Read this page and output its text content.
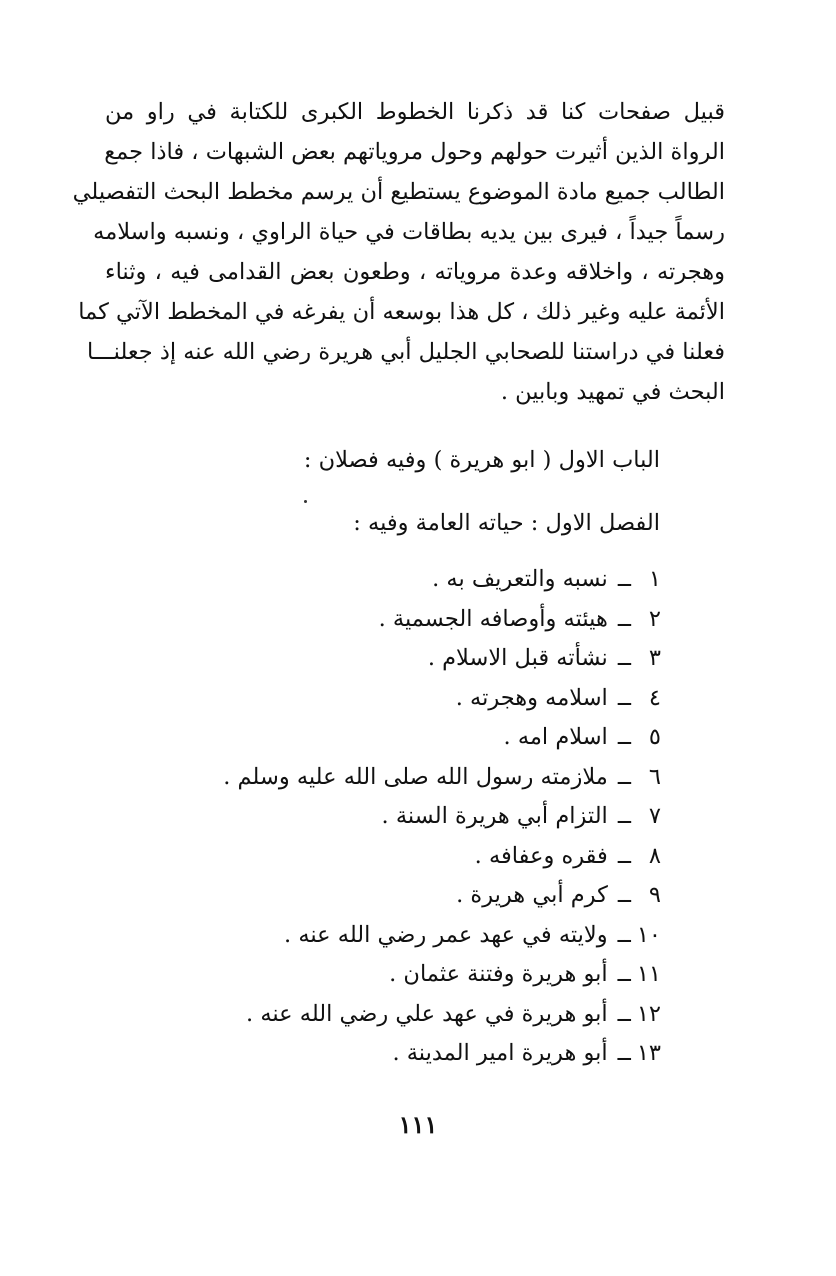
قبيل صفحات كنا قد ذكرنا الخطوط الكبرى للكتابة في راو من
الرواة الذين أثيرت حولهم وحول مروياتهم بعض الشبهات ، فاذا جمع
الطالب جميع مادة الموضوع يستطيع أن يرسم مخطط البحث التفصيلي
رسماً جيداً ، فيرى بين يديه بطاقات في حياة الراوي ، ونسبه واسلامه
وهجرته ، واخلاقه وعدة مروياته ، وطعون بعض القدامى فيه ، وثناء
الأئمة عليه وغير ذلك ، كل هذا بوسعه أن يفرغه في المخطط الآتي كما
فعلنا في دراستنا للصحابي الجليل أبي هريرة رضي الله عنه إذ جعلنـــا
البحث في تمهيد وبابين .

الباب الاول ( ابو هريرة ) وفيه فصلان :

الفصل الاول : حياته العامة وفيه :

١ــنسبه والتعريف به .
٢ــهيئته وأوصافه الجسمية .
٣ــنشأته قبل الاسلام .
٤ــاسلامه وهجرته .
٥ــاسلام امه .
٦ــملازمته رسول الله صلى الله عليه وسلم .
٧ــالتزام أبي هريرة السنة .
٨ــفقره وعفافه .
٩ــكرم أبي هريرة .
١٠ــولايته في عهد عمر رضي الله عنه .
١١ــأبو هريرة وفتنة عثمان .
١٢ــأبو هريرة في عهد علي رضي الله عنه .
١٣ــأبو هريرة امير المدينة .
١١١
